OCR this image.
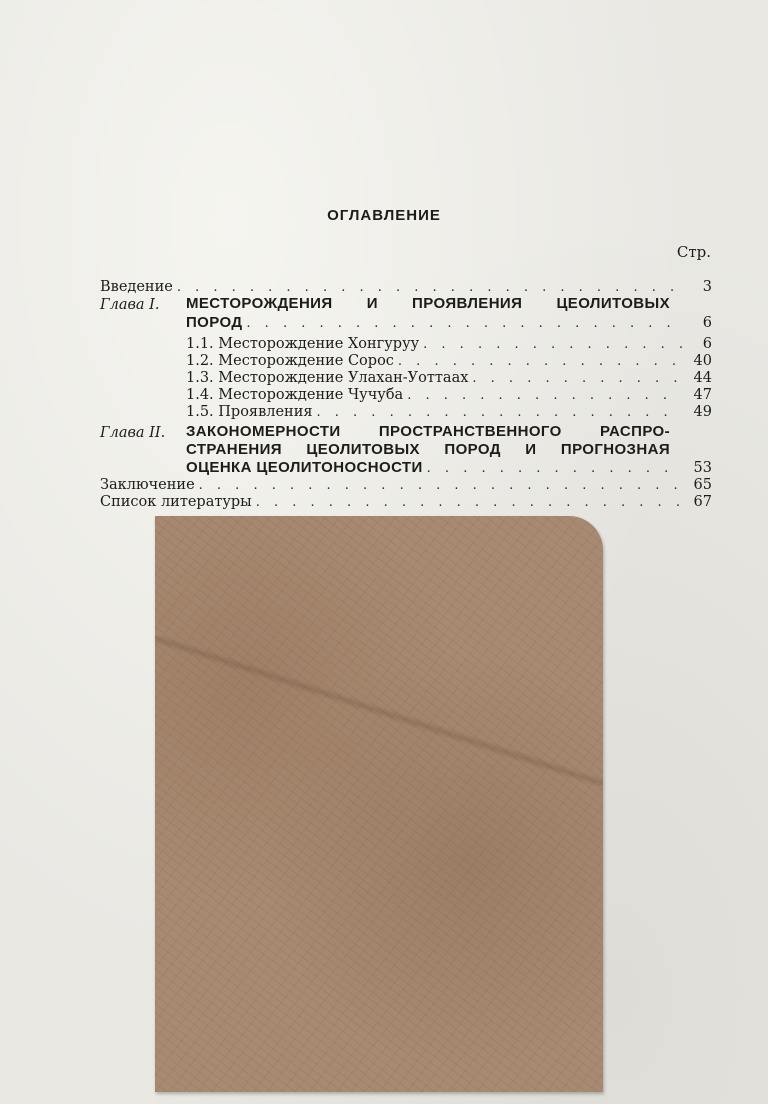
ОГЛАВЛЕНИЕ
Стр.
Введение . . .	3
Глава I. МЕСТОРОЖДЕНИЯ И ПРОЯВЛЕНИЯ ЦЕОЛИТОВЫХ
ПОРОД . . .	6
1.1. Месторождение Хонгуруу . . .	6
1.2. Месторождение Сорос . . .	40
1.3. Месторождение Улахан-Уоттаах . . .	44
1.4. Месторождение Чучуба . . .	47
1.5. Проявления . . .	49
Глава II. ЗАКОНОМЕРНОСТИ ПРОСТРАНСТВЕННОГО РАСПРО-
СТРАНЕНИЯ ЦЕОЛИТОВЫХ ПОРОД И ПРОГНОЗНАЯ
ОЦЕНКА ЦЕОЛИТОНОСНОСТИ . . .	53
Заключение . . .	65
Список литературы . . .	67
